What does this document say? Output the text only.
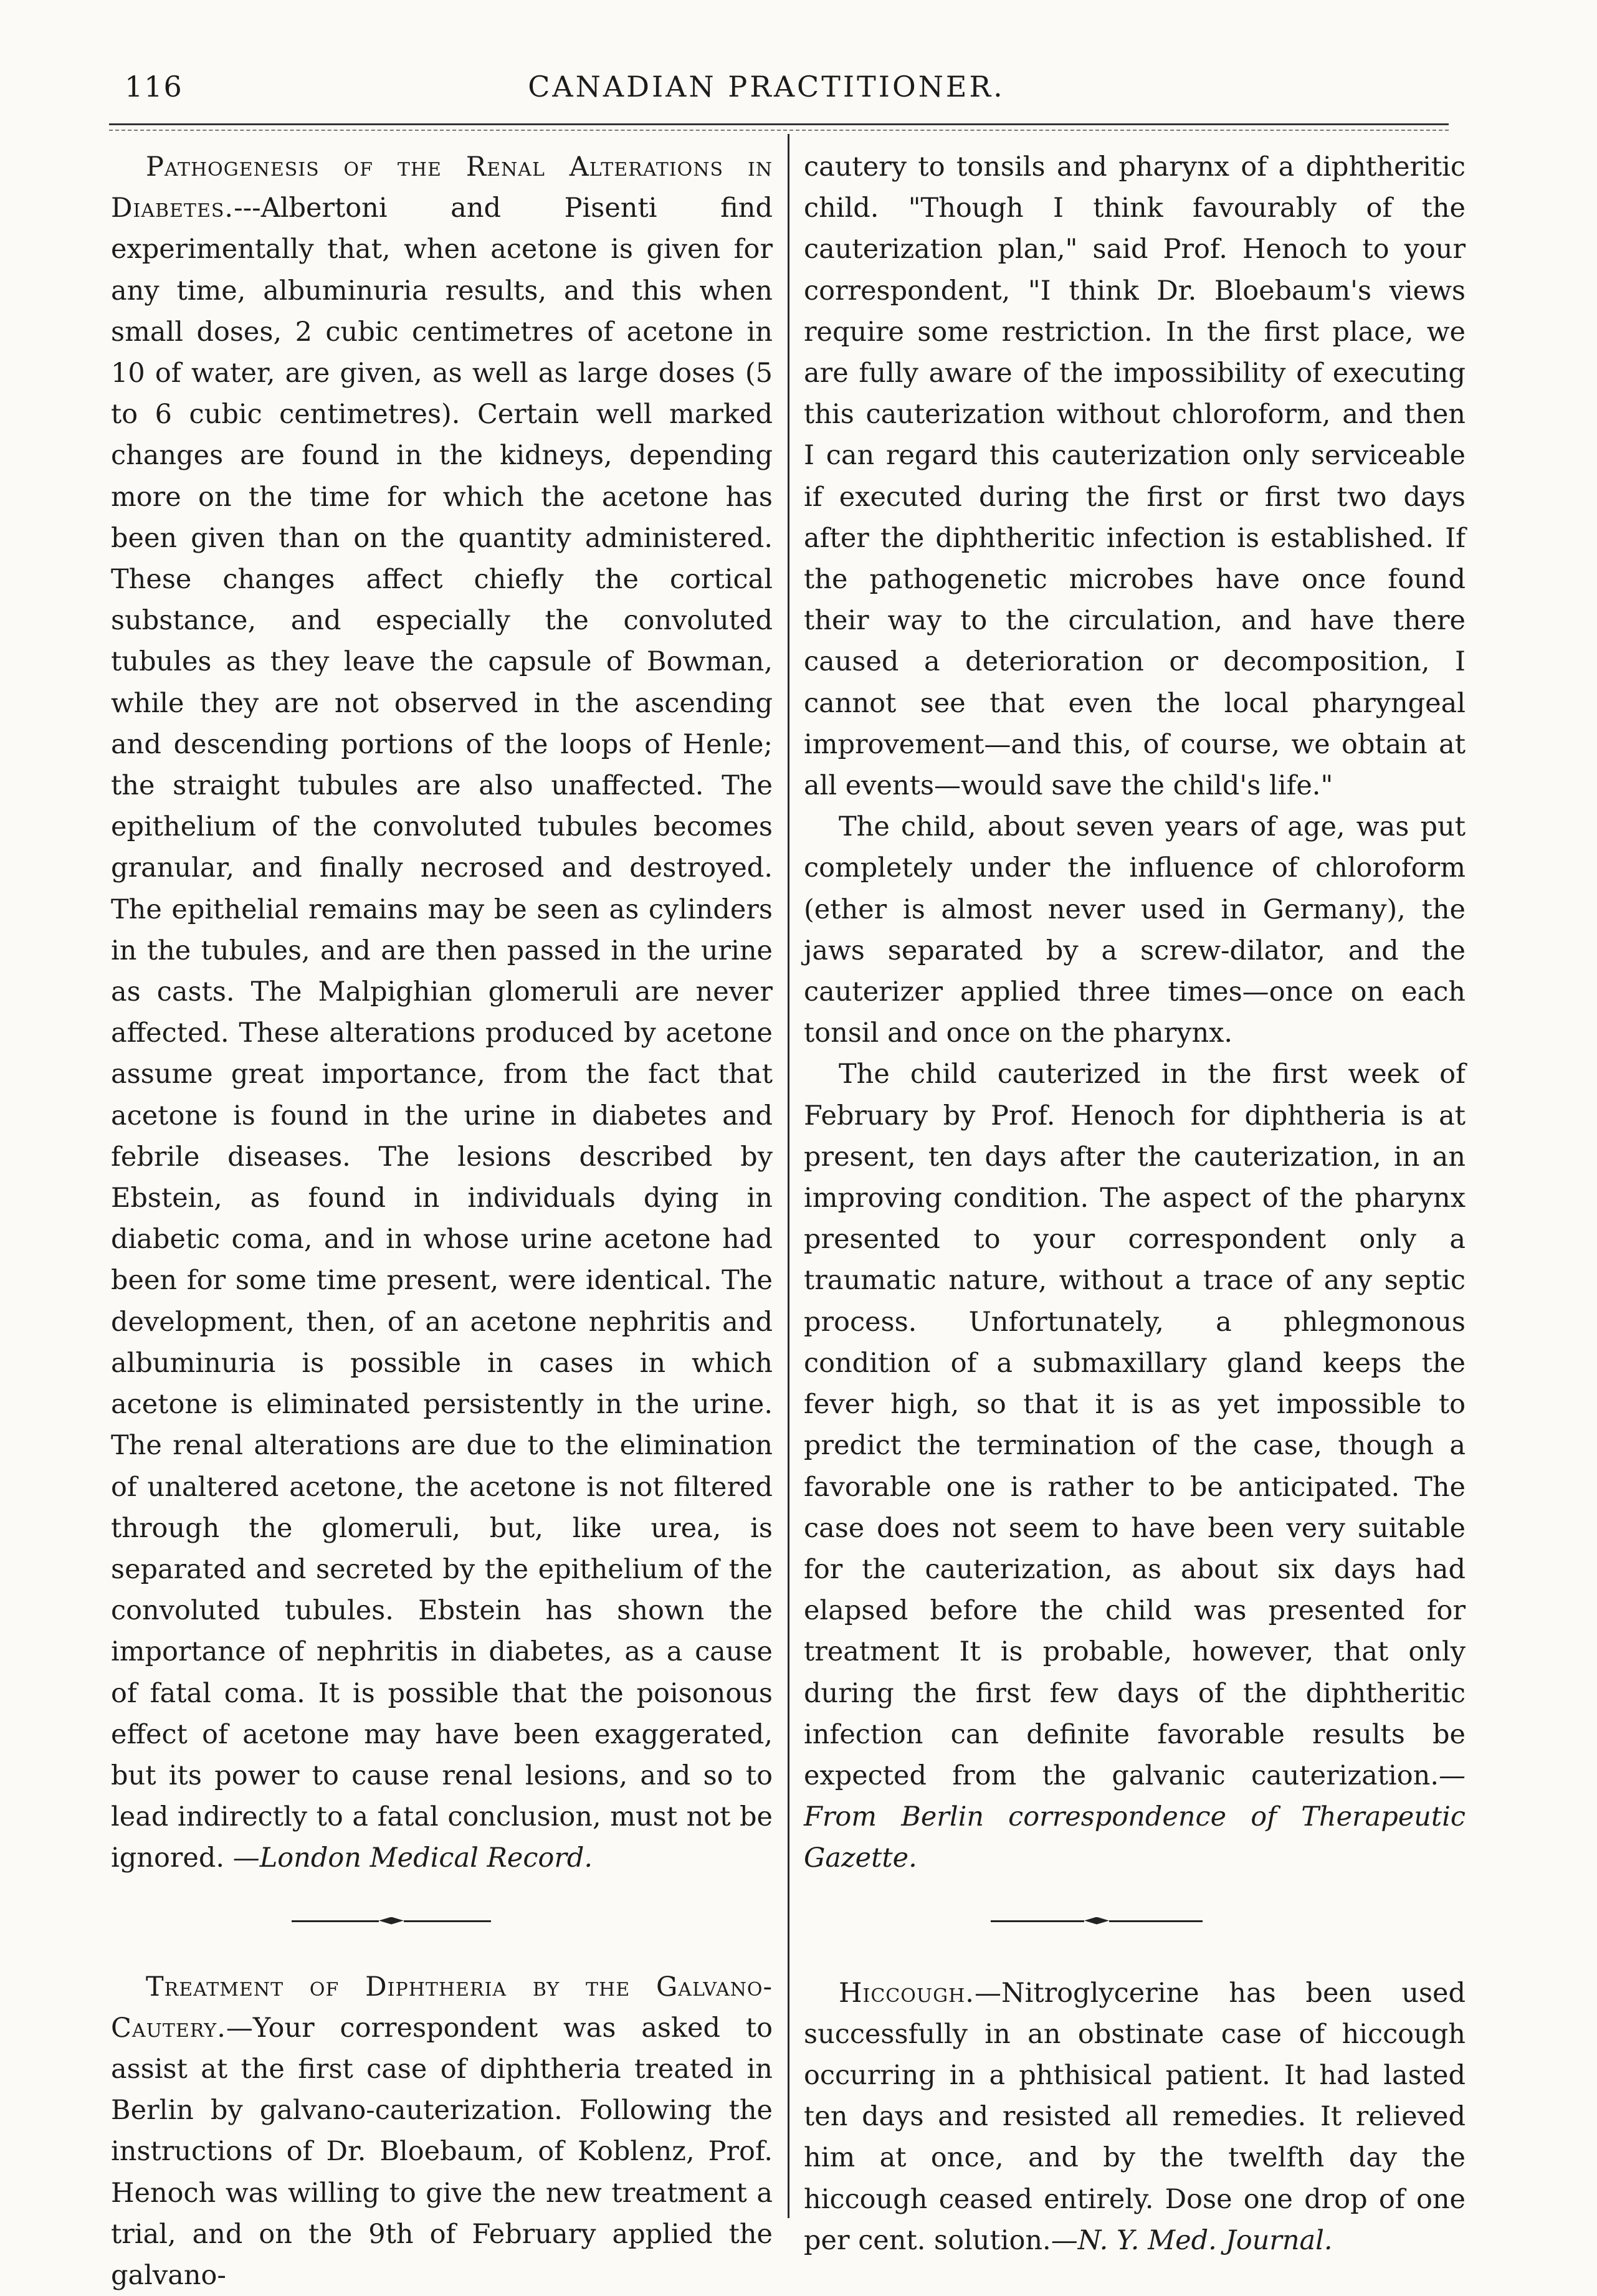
116	CANADIAN PRACTITIONER.

Pathogenesis of the Renal Alterations in Diabetes.---Albertoni and Pisenti find experimentally that, when acetone is given for any time, albuminuria results, and this when small doses, 2 cubic centimetres of acetone in 10 of water, are given, as well as large doses (5 to 6 cubic centimetres). Certain well marked changes are found in the kidneys, depending more on the time for which the acetone has been given than on the quantity administered. These changes affect chiefly the cortical substance, and especially the convoluted tubules as they leave the capsule of Bowman, while they are not observed in the ascending and descending portions of the loops of Henle; the straight tubules are also unaffected. The epithelium of the convoluted tubules becomes granular, and finally necrosed and destroyed. The epithelial remains may be seen as cylinders in the tubules, and are then passed in the urine as casts. The Malpighian glomeruli are never affected. These alterations produced by acetone assume great importance, from the fact that acetone is found in the urine in diabetes and febrile diseases. The lesions described by Ebstein, as found in individuals dying in diabetic coma, and in whose urine acetone had been for some time present, were identical. The development, then, of an acetone nephritis and albuminuria is possible in cases in which acetone is eliminated persistently in the urine. The renal alterations are due to the elimination of unaltered acetone, the acetone is not filtered through the glomeruli, but, like urea, is separated and secreted by the epithelium of the convoluted tubules. Ebstein has shown the importance of nephritis in diabetes, as a cause of fatal coma. It is possible that the poisonous effect of acetone may have been exaggerated, but its power to cause renal lesions, and so to lead indirectly to a fatal conclusion, must not be ignored. —London Medical Record.

Treatment of Diphtheria by the Galvano-Cautery.—Your correspondent was asked to assist at the first case of diphtheria treated in Berlin by galvano-cauterization. Following the instructions of Dr. Bloebaum, of Koblenz, Prof. Henoch was willing to give the new treatment a trial, and on the 9th of February applied the galvano-

cautery to tonsils and pharynx of a diphtheritic child. "Though I think favourably of the cauterization plan," said Prof. Henoch to your correspondent, "I think Dr. Bloebaum's views require some restriction. In the first place, we are fully aware of the impossibility of executing this cauterization without chloroform, and then I can regard this cauterization only serviceable if executed during the first or first two days after the diphtheritic infection is established. If the pathogenetic microbes have once found their way to the circulation, and have there caused a deterioration or decomposition, I cannot see that even the local pharyngeal improvement—and this, of course, we obtain at all events—would save the child's life."

The child, about seven years of age, was put completely under the influence of chloroform (ether is almost never used in Germany), the jaws separated by a screw-dilator, and the cauterizer applied three times—once on each tonsil and once on the pharynx.

The child cauterized in the first week of February by Prof. Henoch for diphtheria is at present, ten days after the cauterization, in an improving condition. The aspect of the pharynx presented to your correspondent only a traumatic nature, without a trace of any septic process. Unfortunately, a phlegmonous condition of a submaxillary gland keeps the fever high, so that it is as yet impossible to predict the termination of the case, though a favorable one is rather to be anticipated. The case does not seem to have been very suitable for the cauterization, as about six days had elapsed before the child was presented for treatment It is probable, however, that only during the first few days of the diphtheritic infection can definite favorable results be expected from the galvanic cauterization.—From Berlin correspondence of Therapeutic Gazette.

Hiccough.—Nitroglycerine has been used successfully in an obstinate case of hiccough occurring in a phthisical patient. It had lasted ten days and resisted all remedies. It relieved him at once, and by the twelfth day the hiccough ceased entirely. Dose one drop of one per cent. solution.—N. Y. Med. Journal.
